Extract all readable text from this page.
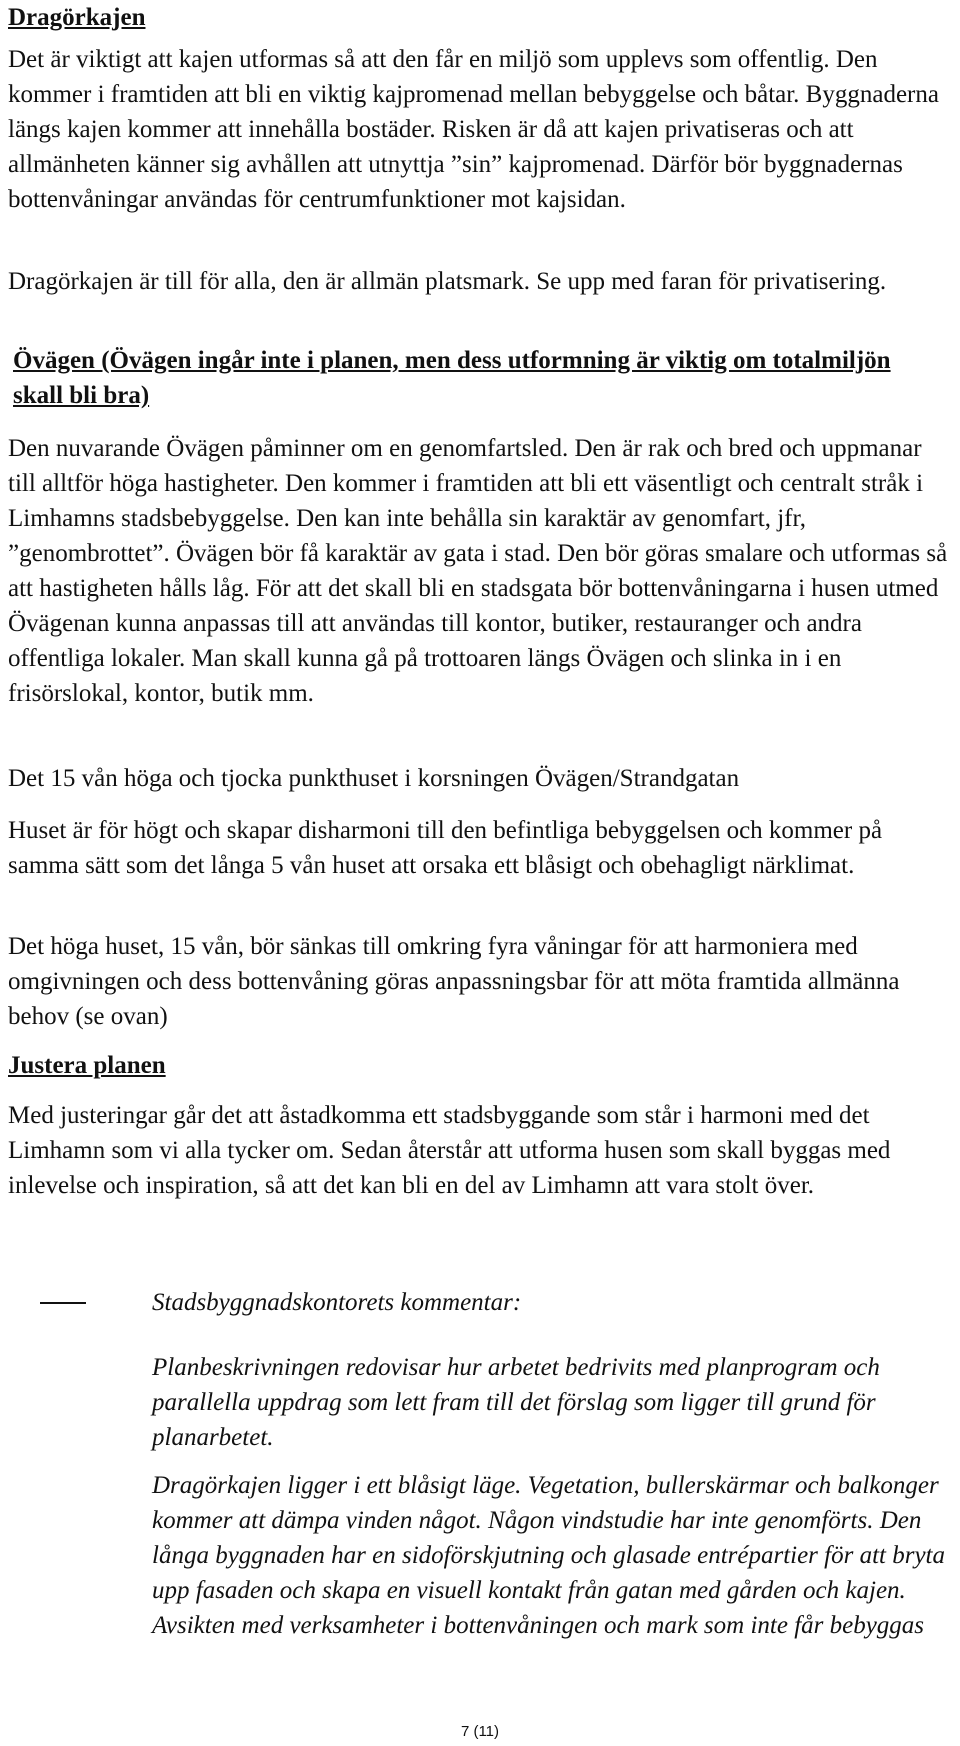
Dragörkajen

Det är viktigt att kajen utformas så att den får en miljö som upplevs som offentlig. Den kommer i framtiden att bli en viktig kajpromenad mellan bebyggelse och båtar. Byggnaderna längs kajen kommer att innehålla bostäder. Risken är då att kajen privatiseras och att allmänheten känner sig avhållen att utnyttja ”sin” kajpromenad. Därför bör byggnadernas bottenvåningar användas för centrumfunktioner mot kajsidan.

Dragörkajen är till för alla, den är allmän platsmark. Se upp med faran för privatisering.

Övägen (Övägen ingår inte i planen, men dess utformning är viktig om totalmiljön skall bli bra)

Den nuvarande Övägen påminner om en genomfartsled. Den är rak och bred och uppmanar till alltför höga hastigheter. Den kommer i framtiden att bli ett väsentligt och centralt stråk i Limhamns stadsbebyggelse. Den kan inte behålla sin karaktär av genomfart, jfr, ”genombrottet”. Övägen bör få karaktär av gata i stad. Den bör göras smalare och utformas så att hastigheten hålls låg. För att det skall bli en stadsgata bör bottenvåningarna i husen utmed Övägenan kunna anpassas till att användas till kontor, butiker, restauranger och andra offentliga lokaler. Man skall kunna gå på trottoaren längs Övägen och slinka in i en frisörslokal, kontor, butik mm.

Det 15 vån höga och tjocka punkthuset i korsningen Övägen/Strandgatan

Huset är för högt och skapar disharmoni till den befintliga bebyggelsen och kommer på samma sätt som det långa 5 vån huset att orsaka ett blåsigt och obehagligt närklimat.

Det höga huset, 15 vån, bör sänkas till omkring fyra våningar för att harmoniera med omgivningen och dess bottenvåning göras anpassningsbar för att möta framtida allmänna behov (se ovan)

Justera planen

Med justeringar går det att åstadkomma ett stadsbyggande som står i harmoni med det Limhamn som vi alla tycker om. Sedan återstår att utforma husen som skall byggas med inlevelse och inspiration, så att det kan bli en del av Limhamn att vara stolt över.

Stadsbyggnadskontorets kommentar:

Planbeskrivningen redovisar hur arbetet bedrivits med planprogram och parallella uppdrag som lett fram till det förslag som ligger till grund för planarbetet.

Dragörkajen ligger i ett blåsigt läge. Vegetation, bullerskärmar och balkonger kommer att dämpa vinden något. Någon vindstudie har inte genomförts. Den långa byggnaden har en sidoförskjutning och glasade entrépartier för att bryta upp fasaden och skapa en visuell kontakt från gatan med gården och kajen. Avsikten med verksamheter i bottenvåningen och mark som inte får bebyggas

7 (11)
